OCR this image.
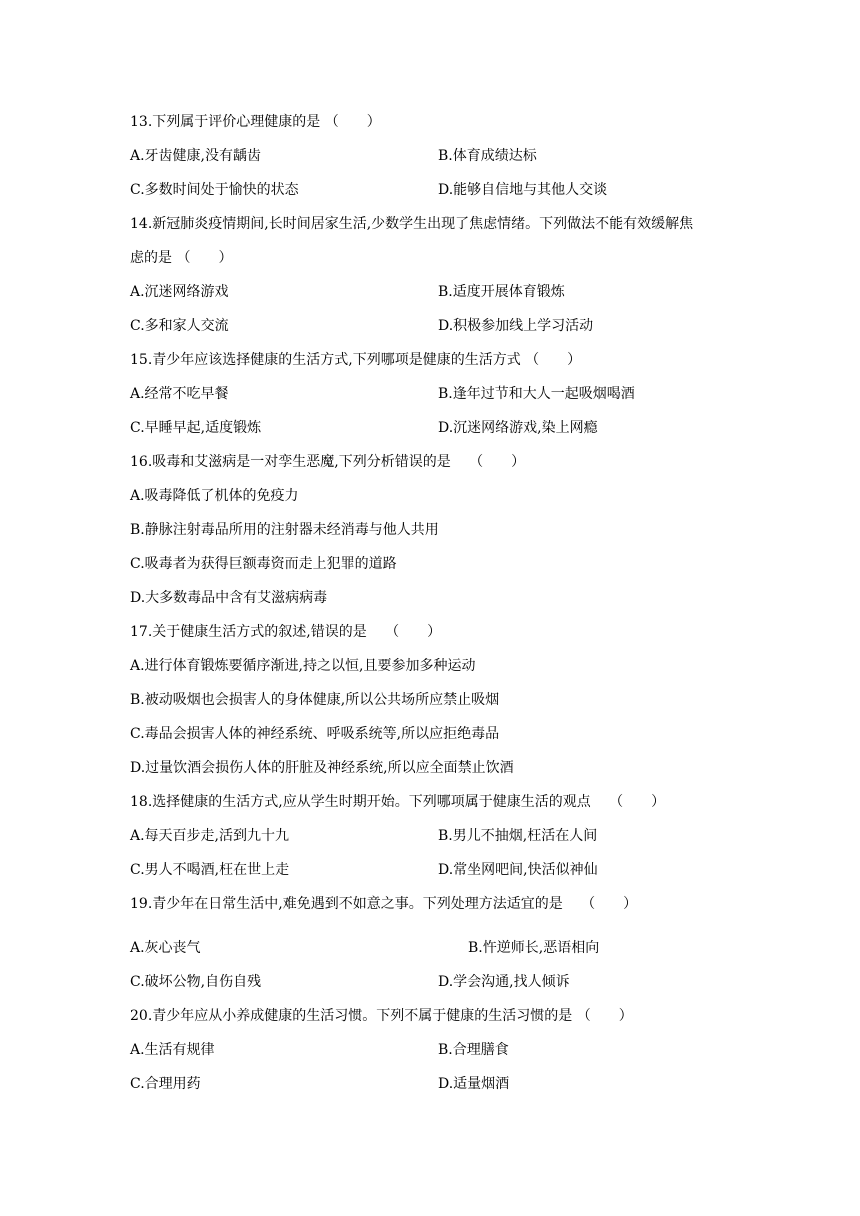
13.下列属于评价心理健康的是 （　　）
A.牙齿健康,没有龋齿	B.体育成绩达标
C.多数时间处于愉快的状态	D.能够自信地与其他人交谈
14.新冠肺炎疫情期间,长时间居家生活,少数学生出现了焦虑情绪。下列做法不能有效缓解焦
虑的是 （　　）
A.沉迷网络游戏	B.适度开展体育锻炼
C.多和家人交流	D.积极参加线上学习活动
15.青少年应该选择健康的生活方式,下列哪项是健康的生活方式 （　　）
A.经常不吃早餐	B.逢年过节和大人一起吸烟喝酒
C.早睡早起,适度锻炼	D.沉迷网络游戏,染上网瘾
16.吸毒和艾滋病是一对孪生恶魔,下列分析错误的是　 （　　）
A.吸毒降低了机体的免疫力
B.静脉注射毒品所用的注射器未经消毒与他人共用
C.吸毒者为获得巨额毒资而走上犯罪的道路
D.大多数毒品中含有艾滋病病毒
17.关于健康生活方式的叙述,错误的是　 （　　）
A.进行体育锻炼要循序渐进,持之以恒,且要参加多种运动
B.被动吸烟也会损害人的身体健康,所以公共场所应禁止吸烟
C.毒品会损害人体的神经系统、呼吸系统等,所以应拒绝毒品
D.过量饮酒会损伤人体的肝脏及神经系统,所以应全面禁止饮酒
18.选择健康的生活方式,应从学生时期开始。下列哪项属于健康生活的观点　 （　　）
A.每天百步走,活到九十九	B.男儿不抽烟,枉活在人间
C.男人不喝酒,枉在世上走	D.常坐网吧间,快活似神仙
19.青少年在日常生活中,难免遇到不如意之事。下列处理方法适宜的是　 （　　）
A.灰心丧气	B.忤逆师长,恶语相向
C.破坏公物,自伤自残	D.学会沟通,找人倾诉
20.青少年应从小养成健康的生活习惯。下列不属于健康的生活习惯的是 （　　）
A.生活有规律	B.合理膳食
C.合理用药	D.适量烟酒
